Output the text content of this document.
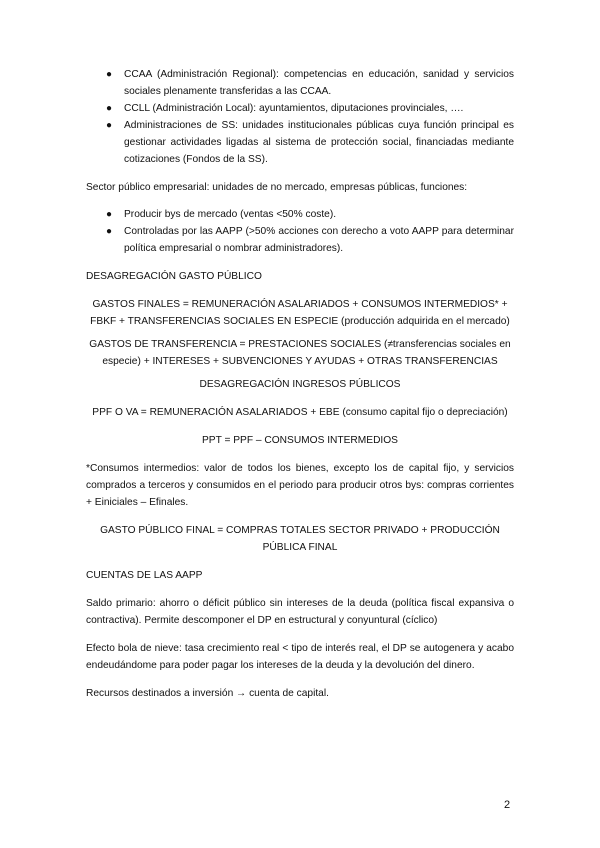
● CCAA (Administración Regional): competencias en educación, sanidad y servicios sociales plenamente transferidas a las CCAA.
● CCLL (Administración Local): ayuntamientos, diputaciones provinciales, ….
● Administraciones de SS: unidades institucionales públicas cuya función principal es gestionar actividades ligadas al sistema de protección social, financiadas mediante cotizaciones (Fondos de la SS).

Sector público empresarial: unidades de no mercado, empresas públicas, funciones:

● Producir bys de mercado (ventas <50% coste).
● Controladas por las AAPP (>50% acciones con derecho a voto AAPP para determinar política empresarial o nombrar administradores).

DESAGREGACIÓN GASTO PÚBLICO

GASTOS FINALES = REMUNERACIÓN ASALARIADOS + CONSUMOS INTERMEDIOS* + FBKF + TRANSFERENCIAS SOCIALES EN ESPECIE (producción adquirida en el mercado)

GASTOS DE TRANSFERENCIA = PRESTACIONES SOCIALES (≠transferencias sociales en especie) + INTERESES + SUBVENCIONES Y AYUDAS + OTRAS TRANSFERENCIAS

DESAGREGACIÓN INGRESOS PÚBLICOS

PPF O VA = REMUNERACIÓN ASALARIADOS + EBE (consumo capital fijo o depreciación)

PPT = PPF – CONSUMOS INTERMEDIOS

*Consumos intermedios: valor de todos los bienes, excepto los de capital fijo, y servicios comprados a terceros y consumidos en el periodo para producir otros bys: compras corrientes + Einiciales – Efinales.

GASTO PÚBLICO FINAL = COMPRAS TOTALES SECTOR PRIVADO + PRODUCCIÓN PÚBLICA FINAL

CUENTAS DE LAS AAPP

Saldo primario: ahorro o déficit público sin intereses de la deuda (política fiscal expansiva o contractiva). Permite descomponer el DP en estructural y conyuntural (cíclico)

Efecto bola de nieve: tasa crecimiento real < tipo de interés real, el DP se autogenera y acabo endeudándome para poder pagar los intereses de la deuda y la devolución del dinero.

Recursos destinados a inversión → cuenta de capital.

2
